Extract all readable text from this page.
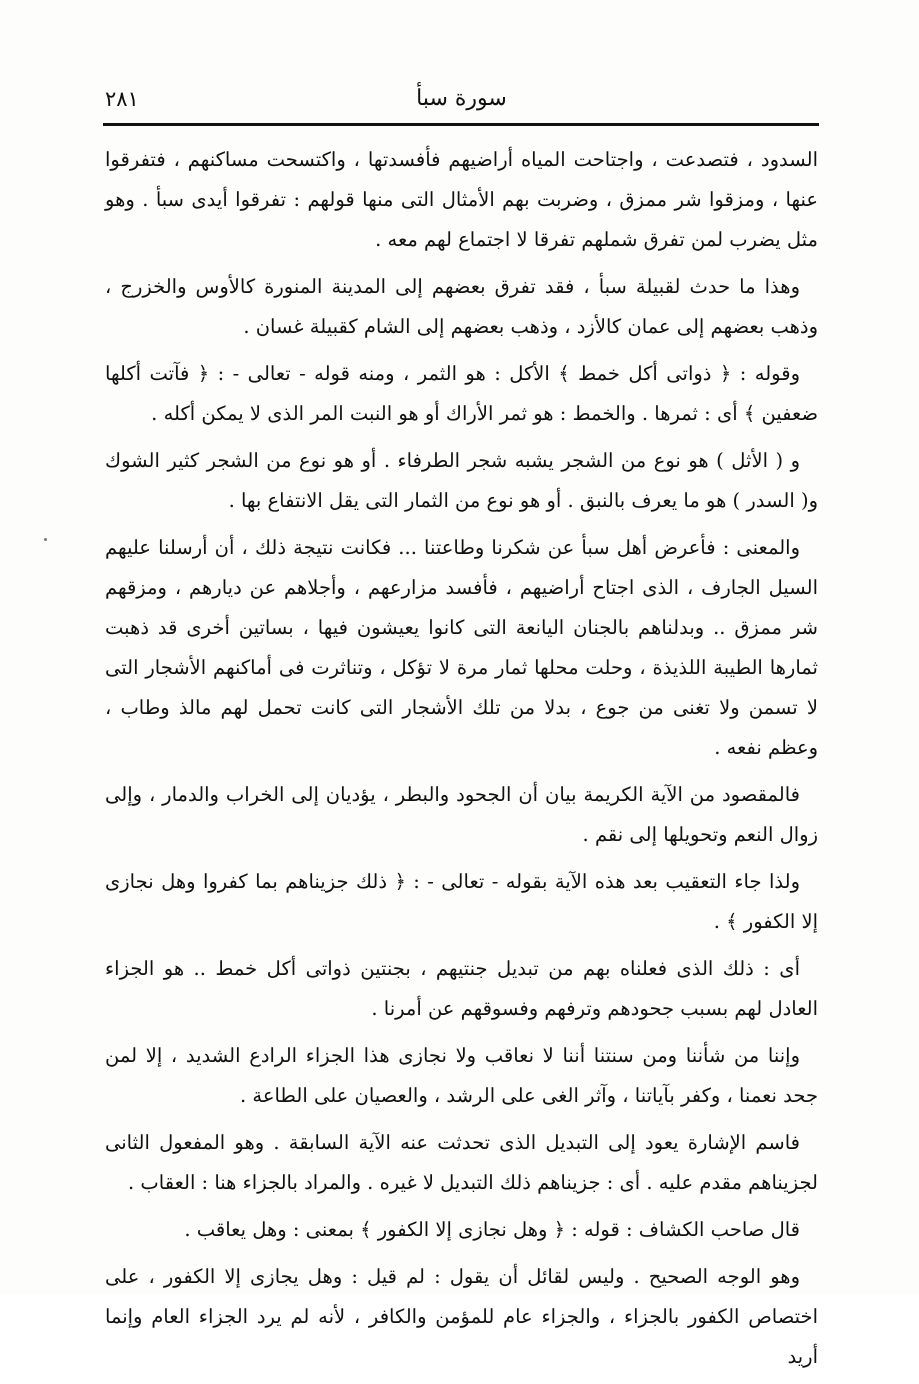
سورة سبأ
٢٨١

السدود ، فتصدعت ، واجتاحت المياه أراضيهم فأفسدتها ، واكتسحت مساكنهم ، فتفرقوا عنها ، ومزقوا شر ممزق ، وضربت بهم الأمثال التى منها قولهم : تفرقوا أيدى سبأ . وهو مثل يضرب لمن تفرق شملهم تفرقا لا اجتماع لهم معه .

وهذا ما حدث لقبيلة سبأ ، فقد تفرق بعضهم إلى المدينة المنورة كالأوس والخزرج ، وذهب بعضهم إلى عمان كالأزد ، وذهب بعضهم إلى الشام كقبيلة غسان .

وقوله : ﴿ ذواتى أكل خمط ﴾ الأكل : هو الثمر ، ومنه قوله - تعالى - : ﴿ فآتت أكلها ضعفين ﴾ أى : ثمرها . والخمط : هو ثمر الأراك أو هو النبت المر الذى لا يمكن أكله .

و ( الأثل ) هو نوع من الشجر يشبه شجر الطرفاء . أو هو نوع من الشجر كثير الشوك و( السدر ) هو ما يعرف بالنبق . أو هو نوع من الثمار التى يقل الانتفاع بها .

والمعنى : فأعرض أهل سبأ عن شكرنا وطاعتنا ... فكانت نتيجة ذلك ، أن أرسلنا عليهم السيل الجارف ، الذى اجتاح أراضيهم ، فأفسد مزارعهم ، وأجلاهم عن ديارهم ، ومزقهم شر ممزق .. وبدلناهم بالجنان اليانعة التى كانوا يعيشون فيها ، بساتين أخرى قد ذهبت ثمارها الطيبة اللذيذة ، وحلت محلها ثمار مرة لا تؤكل ، وتناثرت فى أماكنهم الأشجار التى لا تسمن ولا تغنى من جوع ، بدلا من تلك الأشجار التى كانت تحمل لهم مالذ وطاب ، وعظم نفعه .

فالمقصود من الآية الكريمة بيان أن الجحود والبطر ، يؤديان إلى الخراب والدمار ، وإلى زوال النعم وتحويلها إلى نقم .

ولذا جاء التعقيب بعد هذه الآية بقوله - تعالى - : ﴿ ذلك جزيناهم بما كفروا وهل نجازى إلا الكفور ﴾ .

أى : ذلك الذى فعلناه بهم من تبديل جنتيهم ، بجنتين ذواتى أكل خمط .. هو الجزاء العادل لهم بسبب جحودهم وترفهم وفسوقهم عن أمرنا .

وإننا من شأننا ومن سنتنا أننا لا نعاقب ولا نجازى هذا الجزاء الرادع الشديد ، إلا لمن جحد نعمنا ، وكفر بآياتنا ، وآثر الغى على الرشد ، والعصيان على الطاعة .

فاسم الإشارة يعود إلى التبديل الذى تحدثت عنه الآية السابقة . وهو المفعول الثانى لجزيناهم مقدم عليه . أى : جزيناهم ذلك التبديل لا غيره . والمراد بالجزاء هنا : العقاب .

قال صاحب الكشاف : قوله : ﴿ وهل نجازى إلا الكفور ﴾ بمعنى : وهل يعاقب .

وهو الوجه الصحيح . وليس لقائل أن يقول : لم قيل : وهل يجازى إلا الكفور ، على اختصاص الكفور بالجزاء ، والجزاء عام للمؤمن والكافر ، لأنه لم يرد الجزاء العام وإنما أريد
